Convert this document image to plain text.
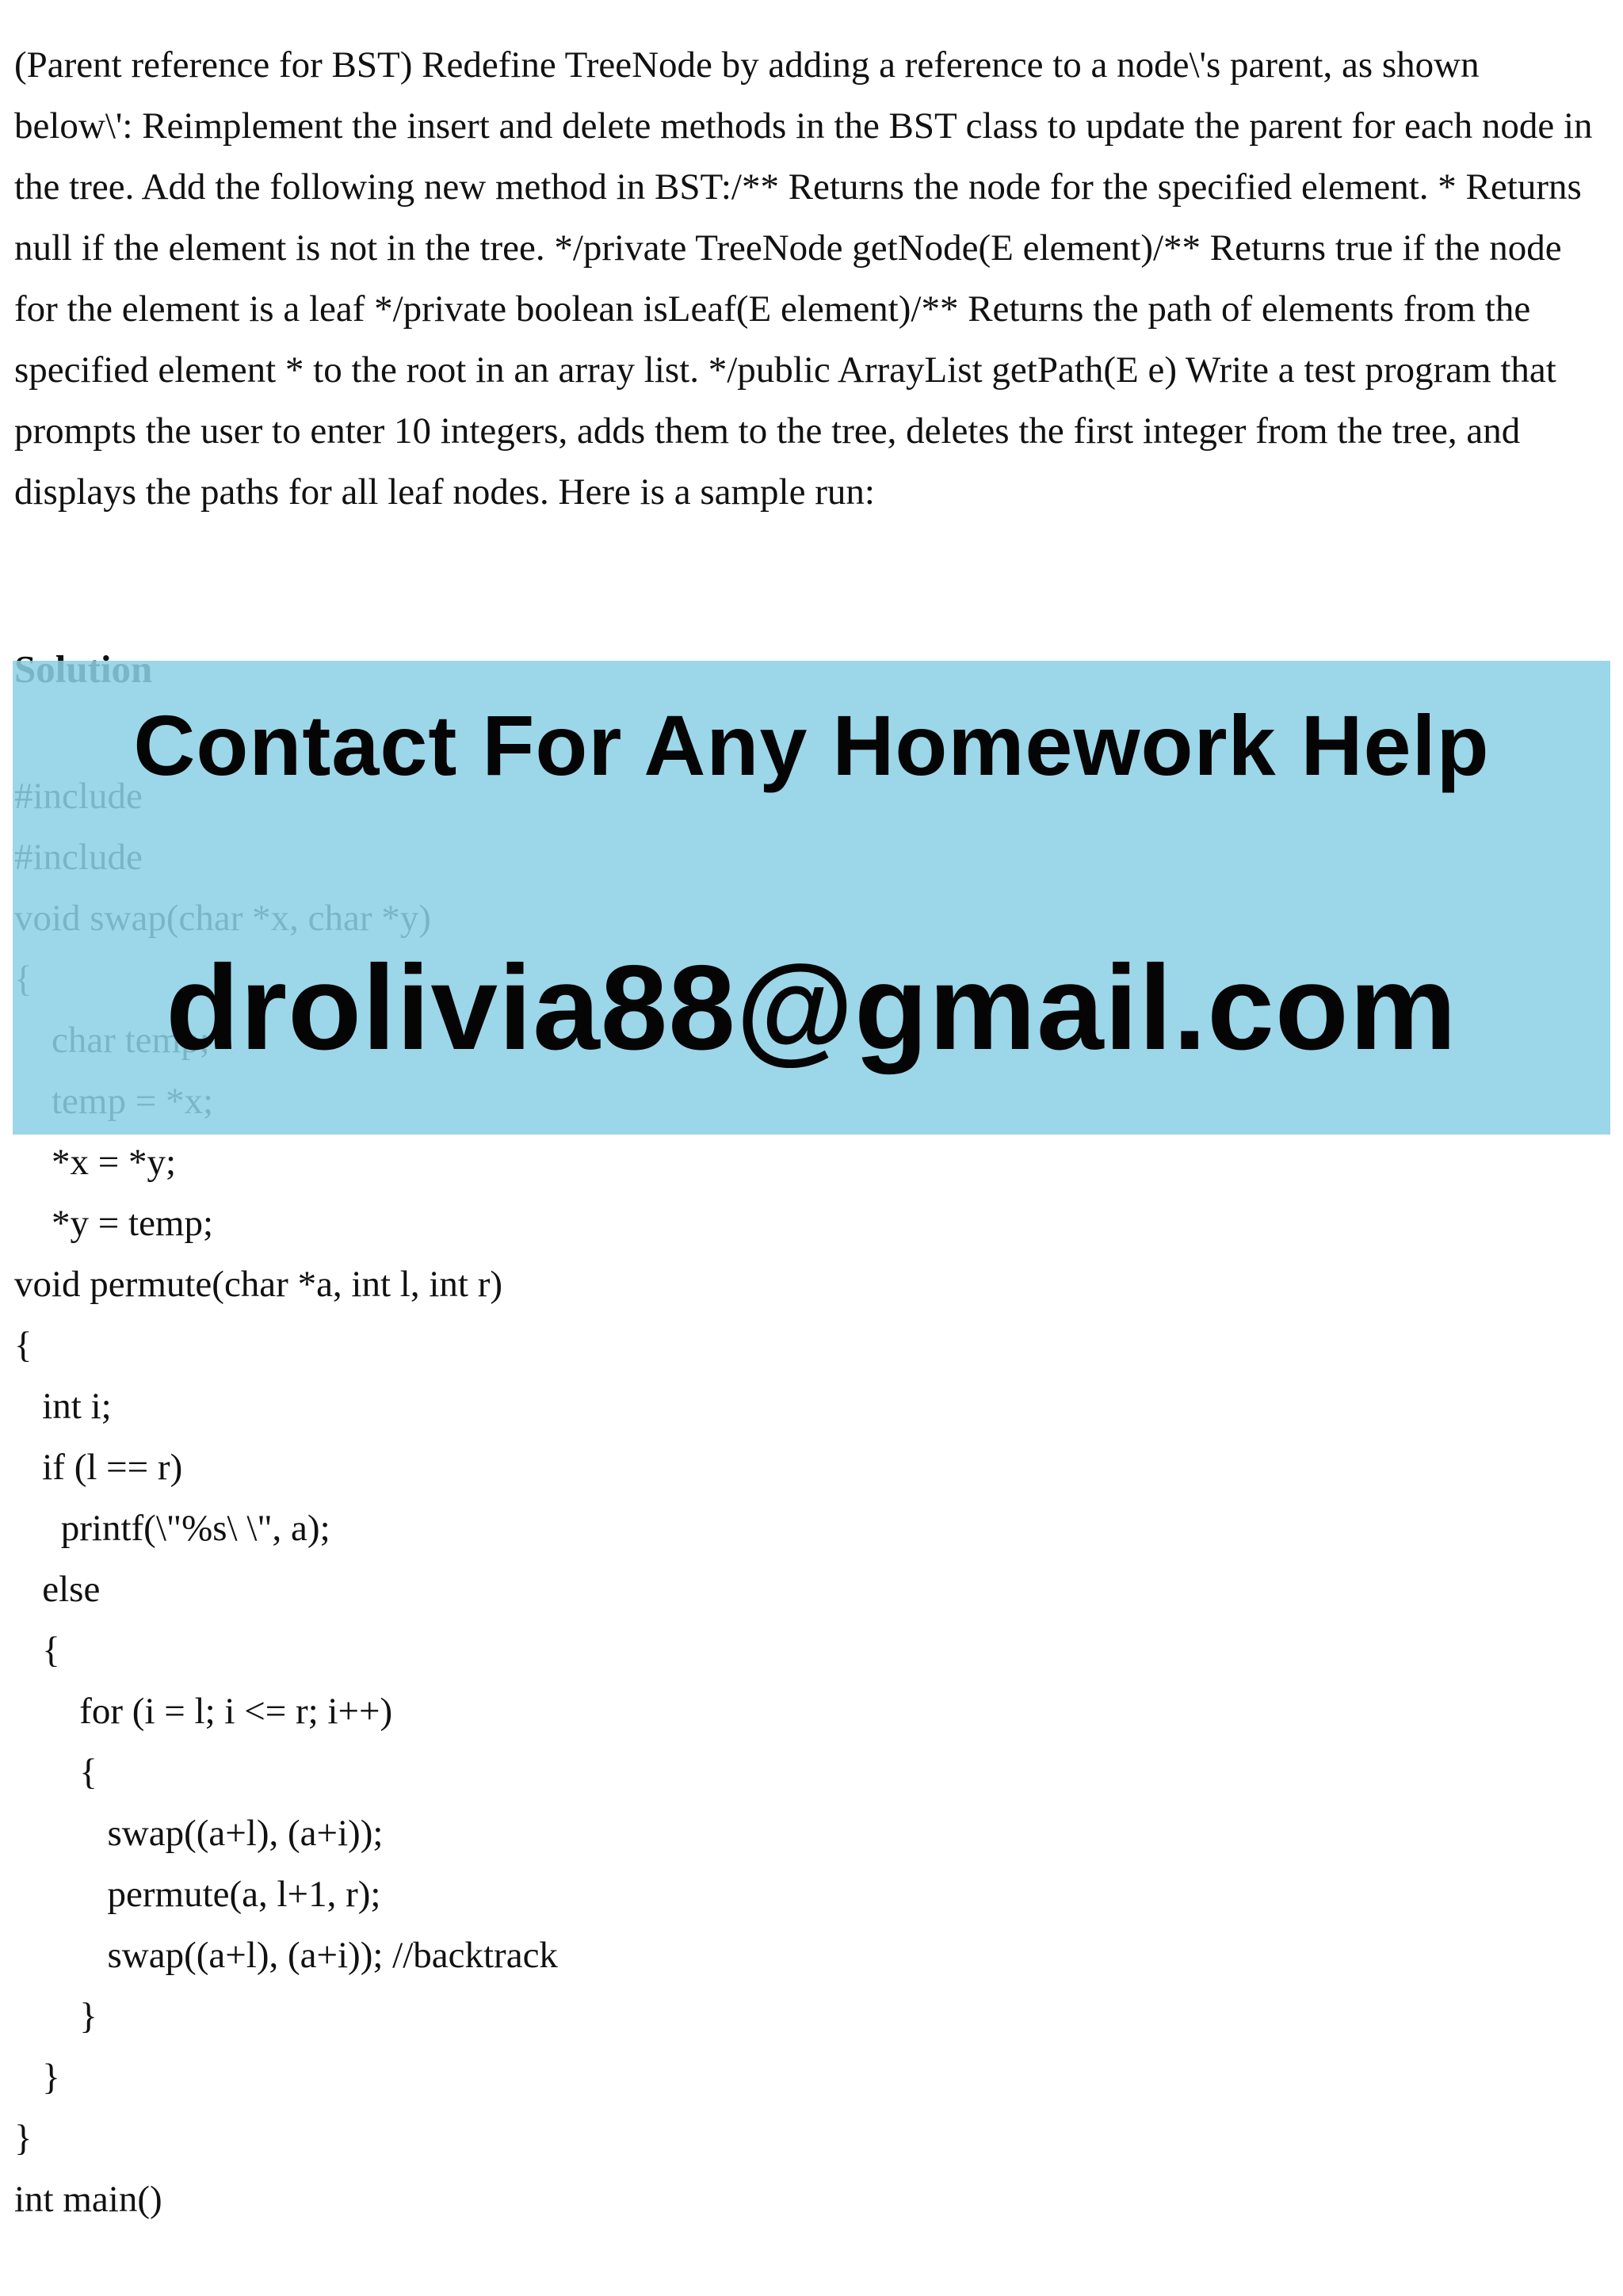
(Parent reference for BST) Redefine TreeNode by adding a reference to a node\'s parent, as shown below\': Reimplement the insert and delete methods in the BST class to update the parent for each node in the tree. Add the following new method in BST:/** Returns the node for the specified element. * Returns null if the element is not in the tree. */private TreeNode getNode(E element)/** Returns true if the node for the element is a leaf */private boolean isLeaf(E element)/** Returns the path of elements from the specified element * to the root in an array list. */public ArrayList getPath(E e) Write a test program that prompts the user to enter 10 integers, adds them to the tree, deletes the first integer from the tree, and displays the paths for all leaf nodes. Here is a sample run:

*x = *y;
*y = temp;
void permute(char *a, int l, int r)
{
int i;
if (l == r)
printf(\"%s\ \", a);
else
{
for (i = l; i <= r; i++)
{
swap((a+l), (a+i));
permute(a, l+1, r);
swap((a+l), (a+i)); //backtrack
}
}
}
int main()
Contact For Any Homework Help
drolivia88@gmail.com
